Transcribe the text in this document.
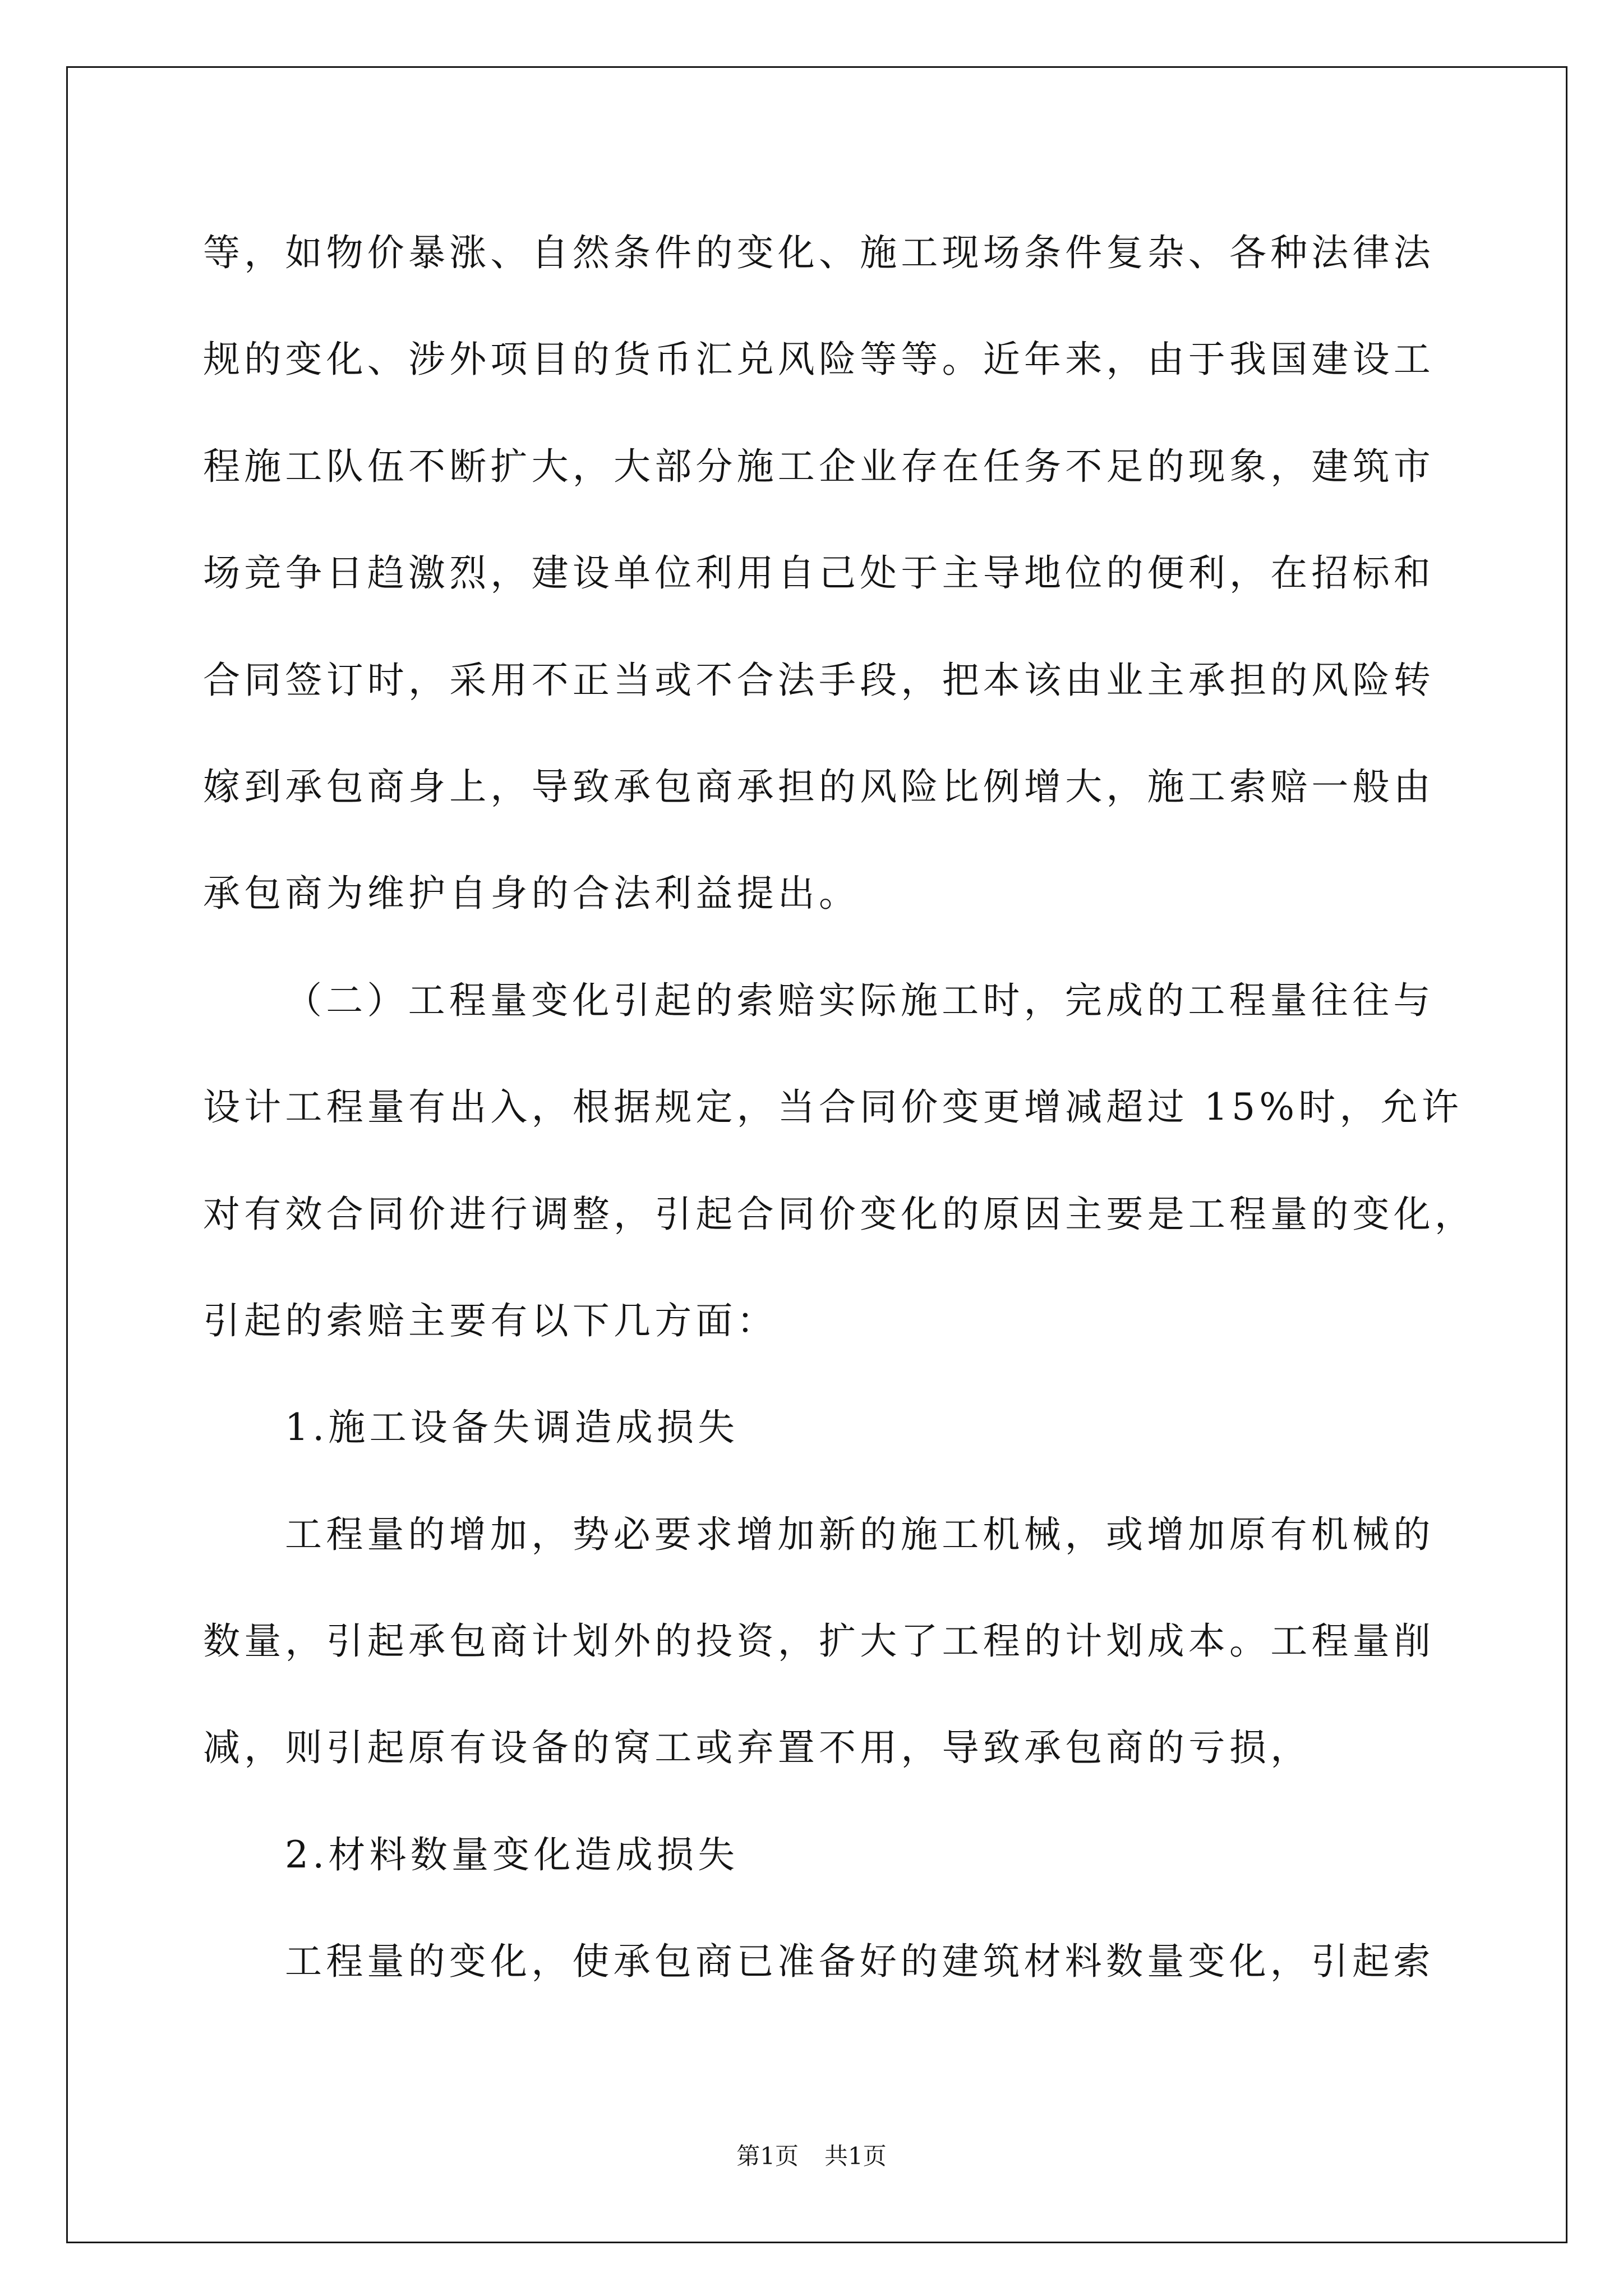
等，如物价暴涨、自然条件的变化、施工现场条件复杂、各种法律法
规的变化、涉外项目的货币汇兑风险等等。近年来，由于我国建设工
程施工队伍不断扩大，大部分施工企业存在任务不足的现象，建筑市
场竞争日趋激烈，建设单位利用自己处于主导地位的便利，在招标和
合同签订时，采用不正当或不合法手段，把本该由业主承担的风险转
嫁到承包商身上，导致承包商承担的风险比例增大，施工索赔一般由
承包商为维护自身的合法利益提出。
（二）工程量变化引起的索赔实际施工时，完成的工程量往往与
设计工程量有出入，根据规定，当合同价变更增减超过 15%时，允许
对有效合同价进行调整，引起合同价变化的原因主要是工程量的变化，
引起的索赔主要有以下几方面：
1.施工设备失调造成损失
工程量的增加，势必要求增加新的施工机械，或增加原有机械的
数量，引起承包商计划外的投资，扩大了工程的计划成本。工程量削
减，则引起原有设备的窝工或弃置不用，导致承包商的亏损，
2.材料数量变化造成损失
工程量的变化，使承包商已准备好的建筑材料数量变化，引起索
第1页 共1页
